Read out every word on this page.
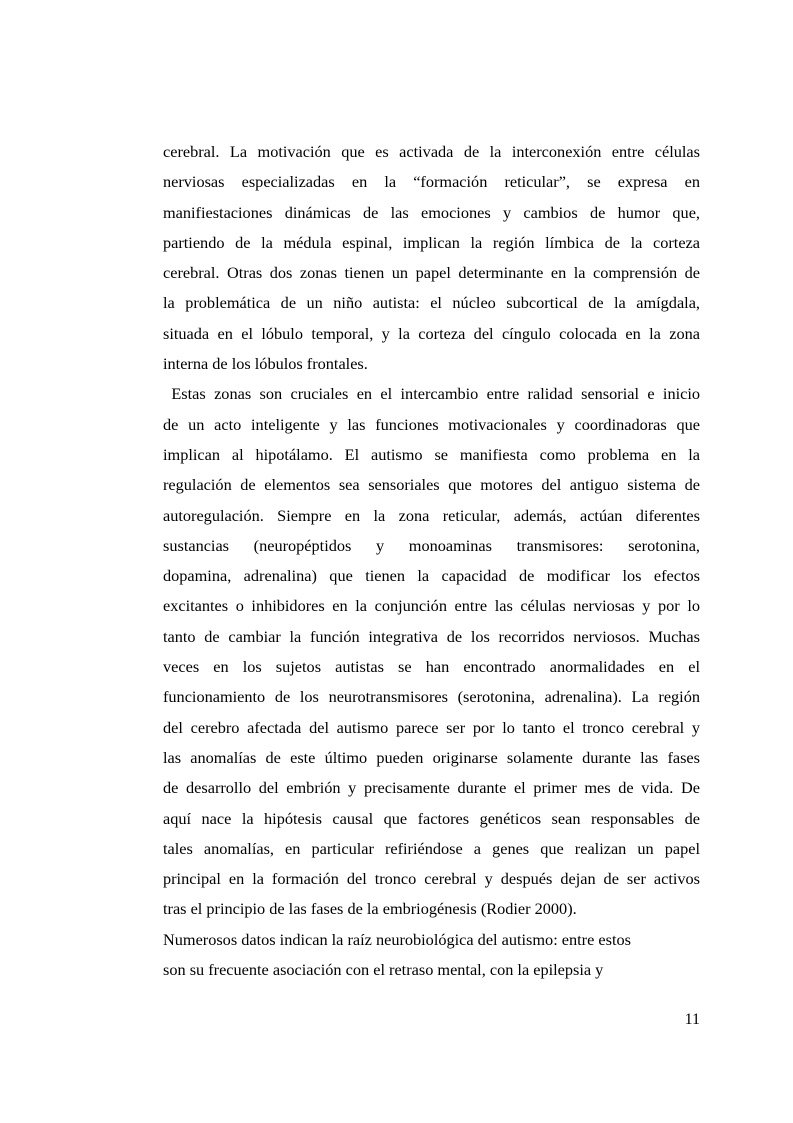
cerebral. La motivación que es activada de la interconexión entre células
nerviosas especializadas en la “formación reticular”, se expresa en
manifiestaciones dinámicas de las emociones y cambios de humor que,
partiendo de la médula espinal, implican la región límbica de la corteza
cerebral. Otras dos zonas tienen un papel determinante en la comprensión de
la problemática de un niño autista: el núcleo subcortical de la amígdala,
situada en el lóbulo temporal, y la corteza del cíngulo colocada en la zona
interna de los lóbulos frontales.
Estas zonas son cruciales en el intercambio entre ralidad sensorial e inicio
de un acto inteligente y las funciones motivacionales y coordinadoras que
implican al hipotálamo. El autismo se manifiesta como problema en la
regulación de elementos sea sensoriales que motores del antiguo sistema de
autoregulación. Siempre en la zona reticular, además, actúan diferentes
sustancias (neuropéptidos y monoaminas transmisores: serotonina,
dopamina, adrenalina) que tienen la capacidad de modificar los efectos
excitantes o inhibidores en la conjunción entre las células nerviosas y por lo
tanto de cambiar la función integrativa de los recorridos nerviosos. Muchas
veces en los sujetos autistas se han encontrado anormalidades en el
funcionamiento de los neurotransmisores (serotonina, adrenalina). La región
del cerebro afectada del autismo parece ser por lo tanto el tronco cerebral y
las anomalías de este último pueden originarse solamente durante las fases
de desarrollo del embrión y precisamente durante el primer mes de vida. De
aquí nace la hipótesis causal que factores genéticos sean responsables de
tales anomalías, en particular refiriéndose a genes que realizan un papel
principal en la formación del tronco cerebral y después dejan de ser activos
tras el principio de las fases de la embriogénesis (Rodier 2000).
Numerosos datos indican la raíz neurobiológica del autismo: entre estos
son su frecuente asociación con el retraso mental, con la epilepsia y
11
